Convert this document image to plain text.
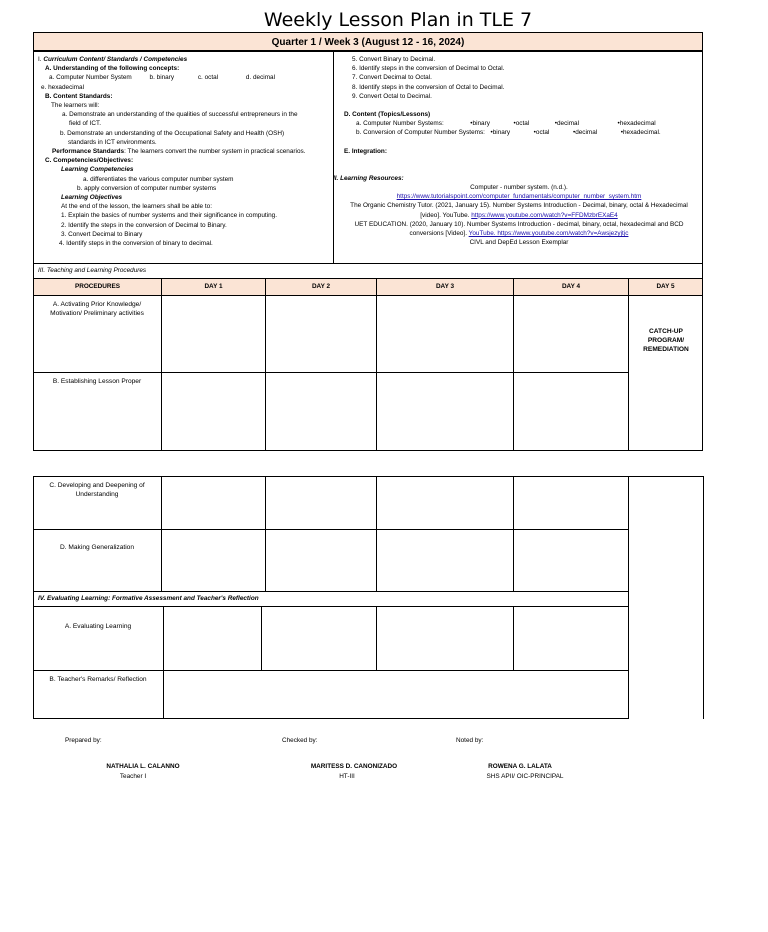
Weekly Lesson Plan in TLE 7
Quarter 1 / Week 3 (August 12 - 16, 2024)
I. Curriculum Content/ Standards / Competencies
A. Understanding of the following concepts:
a. Computer Number System	b. binary	c. octal	d. decimal
e. hexadecimal
B. Content Standards:
The learners will:
a. Demonstrate an understanding of the qualities of successful entrepreneurs in the
field of ICT.
b. Demonstrate an understanding of the Occupational Safety and Health (OSH)
standards in ICT environments.
Performance Standards: The learners convert the number system in practical scenarios.
C. Competencies/Objectives:
Learning Competencies
a. differentiates the various computer number system
b. apply conversion of computer number systems
Learning Objectives
At the end of the lesson, the learners shall be able to:
1. Explain the basics of number systems and their significance in computing.
2. Identify the steps in the conversion of Decimal to Binary.
3. Convert Decimal to Binary
4. Identify steps in the conversion of binary to decimal.
5. Convert Binary to Decimal.
6. Identify steps in the conversion of Decimal to Octal.
7. Convert Decimal to Octal.
8. Identify steps in the conversion of Octal to Decimal.
9. Convert Octal to Decimal.
D. Content (Topics/Lessons)
a. Computer Number Systems:	•binary	•octal	•decimal	•hexadecimal
b. Conversion of Computer Number Systems: •binary	•octal	•decimal	•hexadecimal.
E. Integration:
II. Learning Resources:
Computer - number system. (n.d.).
https://www.tutorialspoint.com/computer_fundamentals/computer_number_system.htm
The Organic Chemistry Tutor. (2021, January 15). Number Systems Introduction - Decimal, binary, octal & Hexadecimal
[video]. YouTube. https://www.youtube.com/watch?v=FFDMzbrEXaE4
UET EDUCATION. (2020, January 10). Number Systems Introduction - decimal, binary, octal, hexadecimal and BCD
conversions [Video]. YouTube. https://www.youtube.com/watch?v=Awsjezyjtjc
CIVL and DepEd Lesson Exemplar
III. Teaching and Learning Procedures
PROCEDURES	DAY 1	DAY 2	DAY 3	DAY 4	DAY 5
A. Activating Prior Knowledge/ Motivation/ Preliminary activities
B. Establishing Lesson Proper
CATCH-UP PROGRAM/ REMEDIATION
C. Developing and Deepening of Understanding
D. Making Generalization
IV. Evaluating Learning: Formative Assessment and Teacher's Reflection
A. Evaluating Learning
B. Teacher's Remarks/ Reflection
Prepared by:	Checked by:	Noted by:
NATHALIA L. CALANNO
Teacher I
MARITESS D. CANONIZADO
HT-III
ROWENA G. LALATA
SHS APII/ OIC-PRINCIPAL
